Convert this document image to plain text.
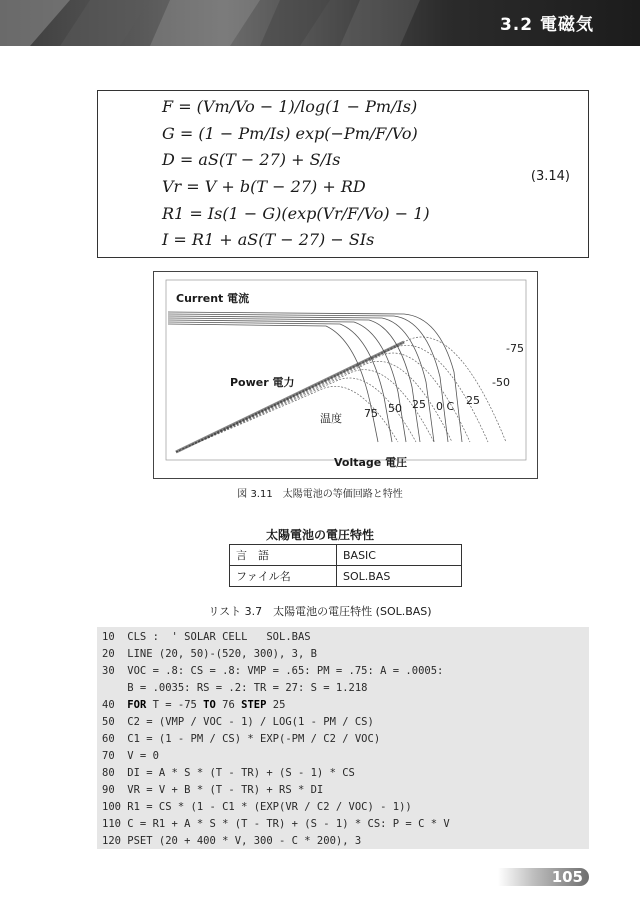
3.2 電磁気
F = (Vm/Vo − 1)/log(1 − Pm/Is)
G = (1 − Pm/Is) exp(−Pm/F/Vo)
D = aS(T − 27) + S/Is
Vr = V + b(T − 27) + RD
R1 = Is(1 − G)(exp(Vr/F/Vo) − 1)
I = R1 + aS(T − 27) − SIs
(3.14)
Current 電流
Power 電力
温度
Voltage 電圧
75 50 25 0 C 25
-50
-75
図 3.11　太陽電池の等価回路と特性
太陽電池の電圧特性
言　語	BASIC
ファイル名	SOL.BAS
リスト 3.7　太陽電池の電圧特性 (SOL.BAS)
10  CLS :  ' SOLAR CELL   SOL.BAS
20  LINE (20, 50)-(520, 300), 3, B
30  VOC = .8: CS = .8: VMP = .65: PM = .75: A = .0005:
B = .0035: RS = .2: TR = 27: S = 1.218
40  FOR T = -75 TO 76 STEP 25
50  C2 = (VMP / VOC - 1) / LOG(1 - PM / CS)
60  C1 = (1 - PM / CS) * EXP(-PM / C2 / VOC)
70  V = 0
80  DI = A * S * (T - TR) + (S - 1) * CS
90  VR = V + B * (T - TR) + RS * DI
100 R1 = CS * (1 - C1 * (EXP(VR / C2 / VOC) - 1))
110 C = R1 + A * S * (T - TR) + (S - 1) * CS: P = C * V
120 PSET (20 + 400 * V, 300 - C * 200), 3
105
